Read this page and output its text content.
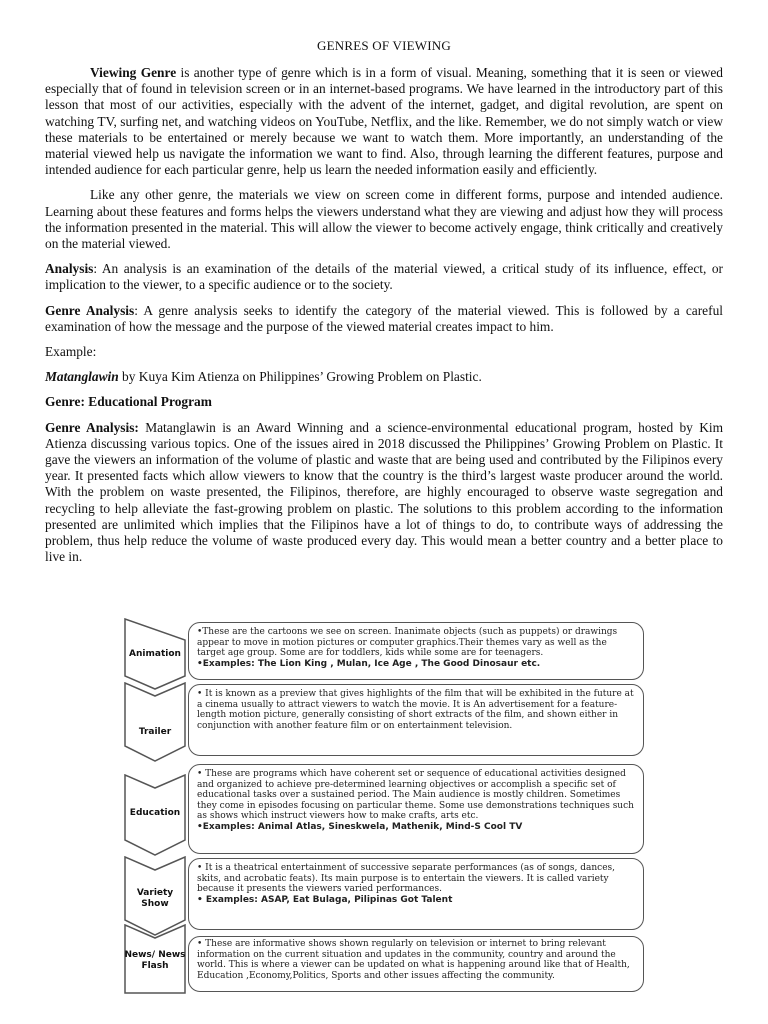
GENRES OF VIEWING

Viewing Genre is another type of genre which is in a form of visual. Meaning, something that it is seen or viewed especially that of found in television screen or in an internet-based programs. We have learned in the introductory part of this lesson that most of our activities, especially with the advent of the internet, gadget, and digital revolution, are spent on watching TV, surfing net, and watching videos on YouTube, Netflix, and the like. Remember, we do not simply watch or view these materials to be entertained or merely because we want to watch them. More importantly, an understanding of the material viewed help us navigate the information we want to find. Also, through learning the different features, purpose and intended audience for each particular genre, help us learn the needed information easily and efficiently.

Like any other genre, the materials we view on screen come in different forms, purpose and intended audience. Learning about these features and forms helps the viewers understand what they are viewing and adjust how they will process the information presented in the material. This will allow the viewer to become actively engage, think critically and creatively on the material viewed.

Analysis: An analysis is an examination of the details of the material viewed, a critical study of its influence, effect, or implication to the viewer, to a specific audience or to the society.

Genre Analysis: A genre analysis seeks to identify the category of the material viewed. This is followed by a careful examination of how the message and the purpose of the viewed material creates impact to him.

Example:

Matanglawin by Kuya Kim Atienza on Philippines’ Growing Problem on Plastic.

Genre: Educational Program

Genre Analysis: Matanglawin is an Award Winning and a science-environmental educational program, hosted by Kim Atienza discussing various topics. One of the issues aired in 2018 discussed the Philippines’ Growing Problem on Plastic. It gave the viewers an information of the volume of plastic and waste that are being used and contributed by the Filipinos every year. It presented facts which allow viewers to know that the country is the third’s largest waste producer around the world. With the problem on waste presented, the Filipinos, therefore, are highly encouraged to observe waste segregation and recycling to help alleviate the fast-growing problem on plastic. The solutions to this problem according to the information presented are unlimited which implies that the Filipinos have a lot of things to do, to contribute ways of addressing the problem, thus help reduce the volume of waste produced every day. This would mean a better country and a better place to live in.

Animation
•These are the cartoons we see on screen. Inanimate objects (such as puppets) or drawings appear to move in motion pictures or computer graphics.Their themes vary as well as the target age group. Some are for toddlers, kids while some are for teenagers.
•Examples: The Lion King , Mulan, Ice Age , The Good Dinosaur etc.
Trailer
• It is known as a preview that gives highlights of the film that will be exhibited in the future at a cinema usually to attract viewers to watch the movie. It is An advertisement for a feature-length motion picture, generally consisting of short extracts of the film, and shown either in conjunction with another feature film or on entertainment television.
Education
• These are programs which have coherent set or sequence of educational activities designed and organized to achieve pre-determined learning objectives or accomplish a specific set of educational tasks over a sustained period. The Main audience is mostly children. Sometimes they come in episodes focusing on particular theme. Some use demonstrations techniques such as shows which instruct viewers how to make crafts, arts etc.
•Examples: Animal Atlas, Sineskwela, Mathenik, Mind-S Cool TV
Variety Show
• It is a theatrical entertainment of successive separate performances (as of songs, dances, skits, and acrobatic feats). Its main purpose is to entertain the viewers. It is called variety because it presents the viewers varied performances.
• Examples: ASAP, Eat Bulaga, Pilipinas Got Talent
News/ News Flash
• These are informative shows shown regularly on television or internet to bring relevant information on the current situation and updates in the community, country and around the world. This is where a viewer can be updated on what is happening around like that of Health, Education ,Economy,Politics, Sports and other issues affecting the community.
